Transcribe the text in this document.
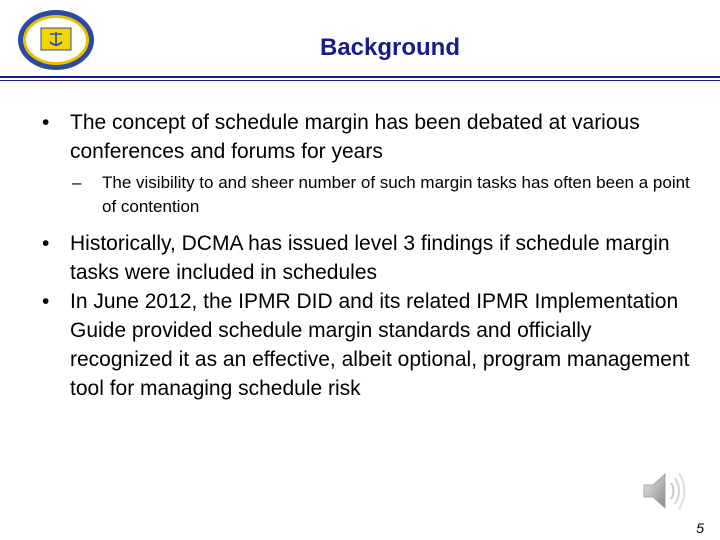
Background
• The concept of schedule margin has been debated at various conferences and forums for years
– The visibility to and sheer number of such margin tasks has often been a point of contention
• Historically, DCMA has issued level 3 findings if schedule margin tasks were included in schedules
• In June 2012, the IPMR DID and its related IPMR Implementation Guide provided schedule margin standards and officially recognized it as an effective, albeit optional, program management tool for managing schedule risk
5
